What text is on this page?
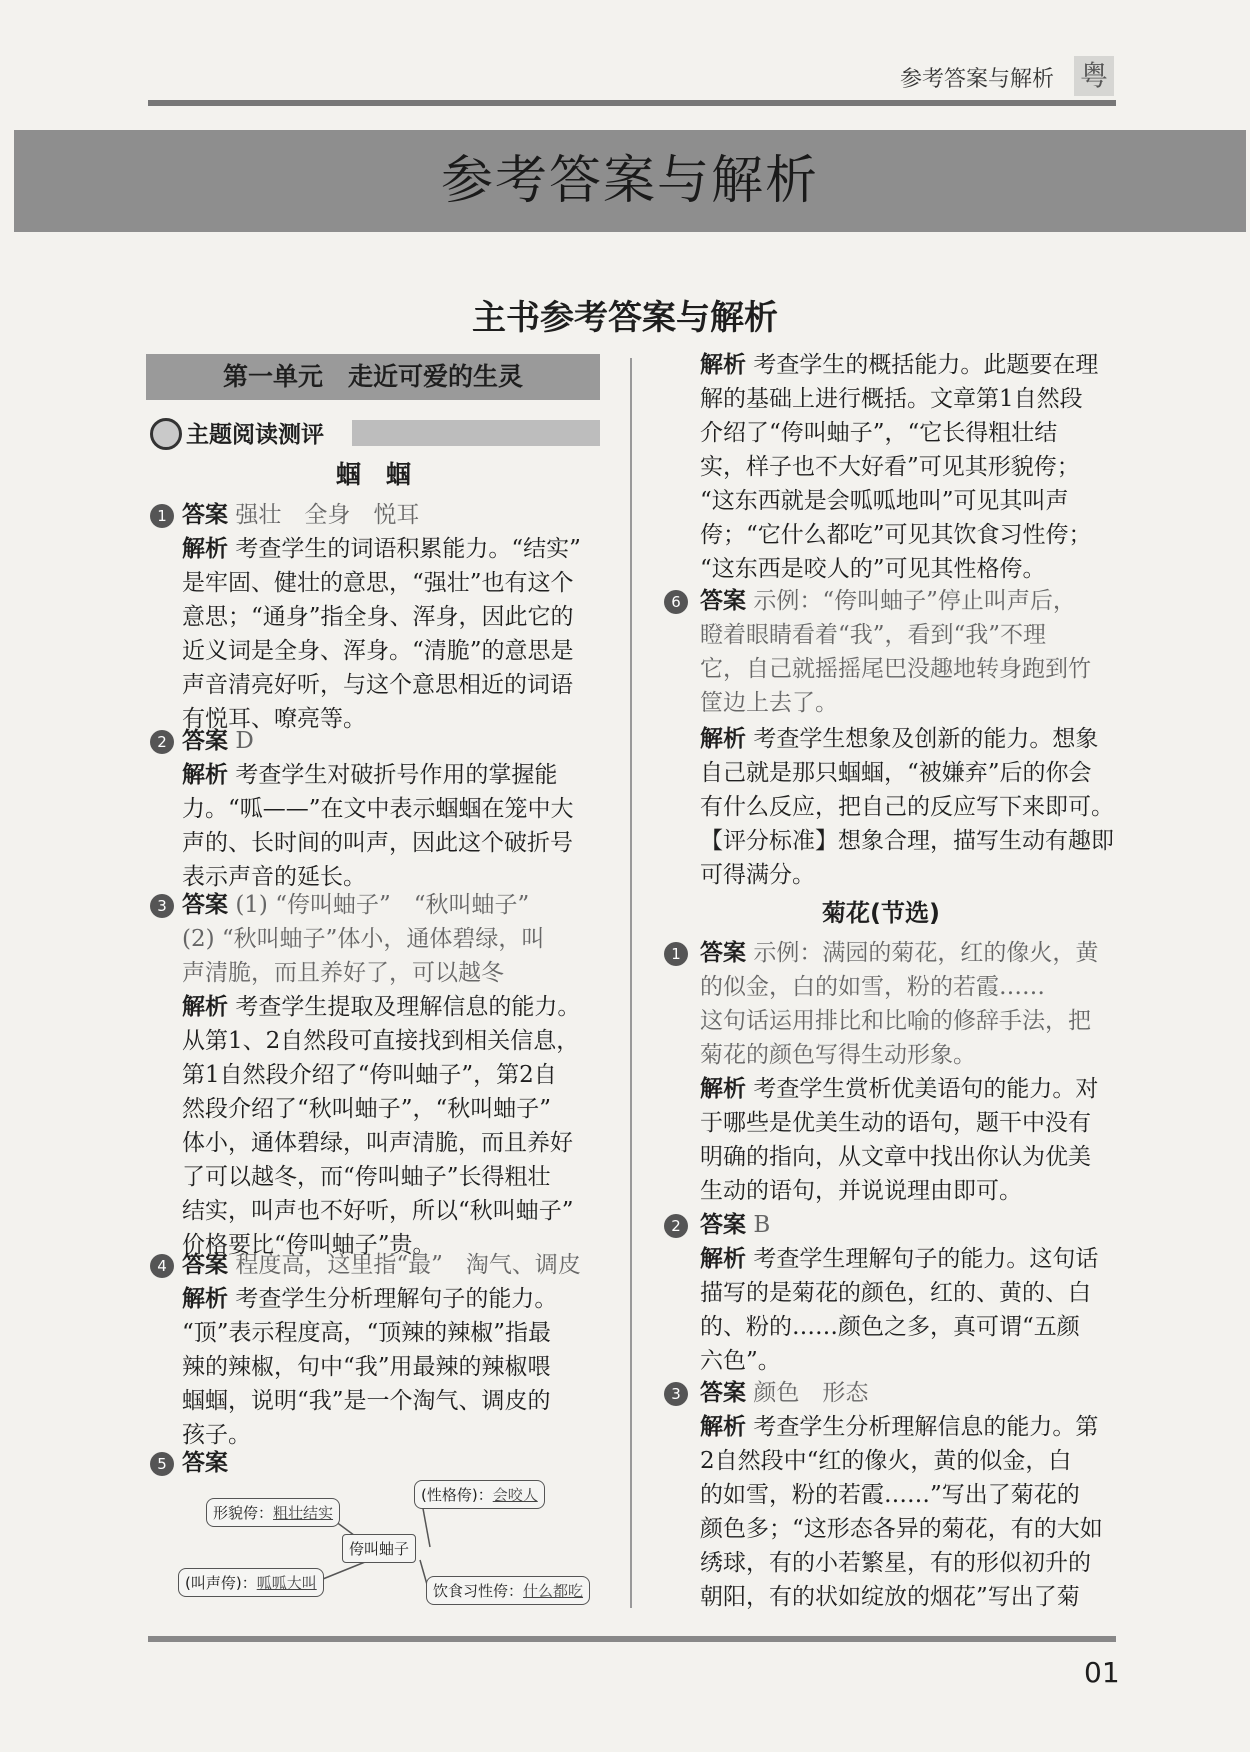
参考答案与解析 粤
参考答案与解析
主书参考答案与解析
第一单元　走近可爱的生灵
主题阅读测评
蝈　蝈
1 答案 强壮　全身　悦耳
解析 考查学生的词语积累能力。“结实”
是牢固、健壮的意思，“强壮”也有这个
意思；“通身”指全身、浑身，因此它的
近义词是全身、浑身。“清脆”的意思是
声音清亮好听，与这个意思相近的词语
有悦耳、嘹亮等。
2 答案 D
解析 考查学生对破折号作用的掌握能
力。“呱——”在文中表示蝈蝈在笼中大
声的、长时间的叫声，因此这个破折号
表示声音的延长。
3 答案 (1) “侉叫蚰子”　“秋叫蚰子”
(2) “秋叫蚰子”体小，通体碧绿，叫
声清脆，而且养好了，可以越冬
解析 考查学生提取及理解信息的能力。
从第1、2自然段可直接找到相关信息，
第1自然段介绍了“侉叫蚰子”，第2自
然段介绍了“秋叫蚰子”，“秋叫蚰子”
体小，通体碧绿，叫声清脆，而且养好
了可以越冬，而“侉叫蚰子”长得粗壮
结实，叫声也不好听，所以“秋叫蚰子”
价格要比“侉叫蚰子”贵。
4 答案 程度高，这里指“最”　淘气、调皮
解析 考查学生分析理解句子的能力。
“顶”表示程度高，“顶辣的辣椒”指最
辣的辣椒，句中“我”用最辣的辣椒喂
蝈蝈，说明“我”是一个淘气、调皮的
孩子。
5 答案
形貌侉：粗壮结实
(性格侉)：会咬人
侉叫蚰子
(叫声侉)：呱呱大叫	饮食习性侉：什么都吃
解析 考查学生的概括能力。此题要在理
解的基础上进行概括。文章第1自然段
介绍了“侉叫蚰子”，“它长得粗壮结
实，样子也不大好看”可见其形貌侉；
“这东西就是会呱呱地叫”可见其叫声
侉；“它什么都吃”可见其饮食习性侉；
“这东西是咬人的”可见其性格侉。
6 答案 示例：“侉叫蚰子”停止叫声后，
瞪着眼睛看着“我”，看到“我”不理
它，自己就摇摇尾巴没趣地转身跑到竹
筐边上去了。
解析 考查学生想象及创新的能力。想象
自己就是那只蝈蝈，“被嫌弃”后的你会
有什么反应，把自己的反应写下来即可。
【评分标准】想象合理，描写生动有趣即
可得满分。
菊花(节选)
1 答案 示例：满园的菊花，红的像火，黄
的似金，白的如雪，粉的若霞……
这句话运用排比和比喻的修辞手法，把
菊花的颜色写得生动形象。
解析 考查学生赏析优美语句的能力。对
于哪些是优美生动的语句，题干中没有
明确的指向，从文章中找出你认为优美
生动的语句，并说说理由即可。
2 答案 B
解析 考查学生理解句子的能力。这句话
描写的是菊花的颜色，红的、黄的、白
的、粉的……颜色之多，真可谓“五颜
六色”。
3 答案 颜色　形态
解析 考查学生分析理解信息的能力。第
2自然段中“红的像火，黄的似金，白
的如雪，粉的若霞……”写出了菊花的
颜色多；“这形态各异的菊花，有的大如
绣球，有的小若繁星，有的形似初升的
朝阳，有的状如绽放的烟花”写出了菊
01
